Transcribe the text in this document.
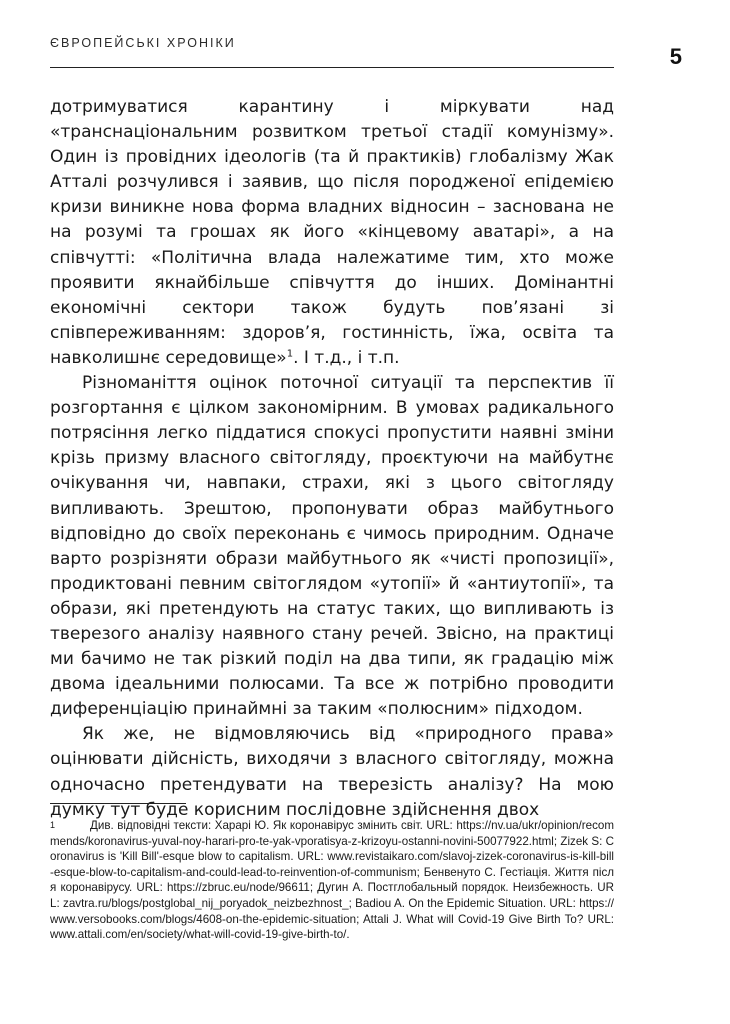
ЄВРОПЕЙСЬКІ ХРОНІКИ
5

дотримуватися карантину і міркувати над «транснаціональним розвитком третьої стадії комунізму». Один із провідних ідеологів (та й практиків) глобалізму Жак Атталі розчулився і заявив, що після породженої епідемією кризи виникне нова форма владних відносин – заснована не на розумі та грошах як його «кінцевому аватарі», а на співчутті: «Політична влада належатиме тим, хто може проявити якнайбільше співчуття до інших. Домінантні економічні сектори також будуть пов’язані зі співпереживанням: здоров’я, гостинність, їжа, освіта та навколишнє середовище»$^1$. І т.д., і т.п.

Різноманіття оцінок поточної ситуації та перспектив її розгортання є цілком закономірним. В умовах радикального потрясіння легко піддатися спокусі пропустити наявні зміни крізь призму власного світогляду, проєктуючи на майбутнє очікування чи, навпаки, страхи, які з цього світогляду випливають. Зрештою, пропонувати образ майбутнього відповідно до своїх переконань є чимось природним. Одначе варто розрізняти образи майбутнього як «чисті пропозиції», продиктовані певним світоглядом «утопії» й «антиутопії», та образи, які претендують на статус таких, що випливають із тверезого аналізу наявного стану речей. Звісно, на практиці ми бачимо не так різкий поділ на два типи, як градацію між двома ідеальними полюсами. Та все ж потрібно проводити диференціацію принаймні за таким «полюсним» підходом.

Як же, не відмовляючись від «природного права» оцінювати дійсність, виходячи з власного світогляду, можна одночасно претендувати на тверезість аналізу? На мою думку тут буде корисним послідовне здійснення двох

1	Див. відповідні тексти: Харарі Ю. Як коронавірус змінить світ. URL: https://nv.ua/ukr/opinion/recommends/koronavirus-yuval-noy-harari-pro-te-yak-vporatisya-z-krizoyu-ostanni-novini-50077922.html; Zizek S: Coronavirus is 'Kill Bill'-esque blow to capitalism. URL: www.revistaikaro.com/slavoj-zizek-coronavirus-is-kill-bill-esque-blow-to-capitalism-and-could-lead-to-reinvention-of-communism; Бенвенуто С. Гестіація. Життя після коронавірусу. URL: https://zbruc.eu/node/96611; Дугин А. Постглобальный порядок. Неизбежность. URL: zavtra.ru/blogs/postglobal_nij_poryadok_neizbezhnost_; Badiou A. On the Epidemic Situation. URL: https://www.versobooks.com/blogs/4608-on-the-epidemic-situation; Attali J. What will Covid-19 Give Birth To? URL: www.attali.com/en/society/what-will-covid-19-give-birth-to/.
